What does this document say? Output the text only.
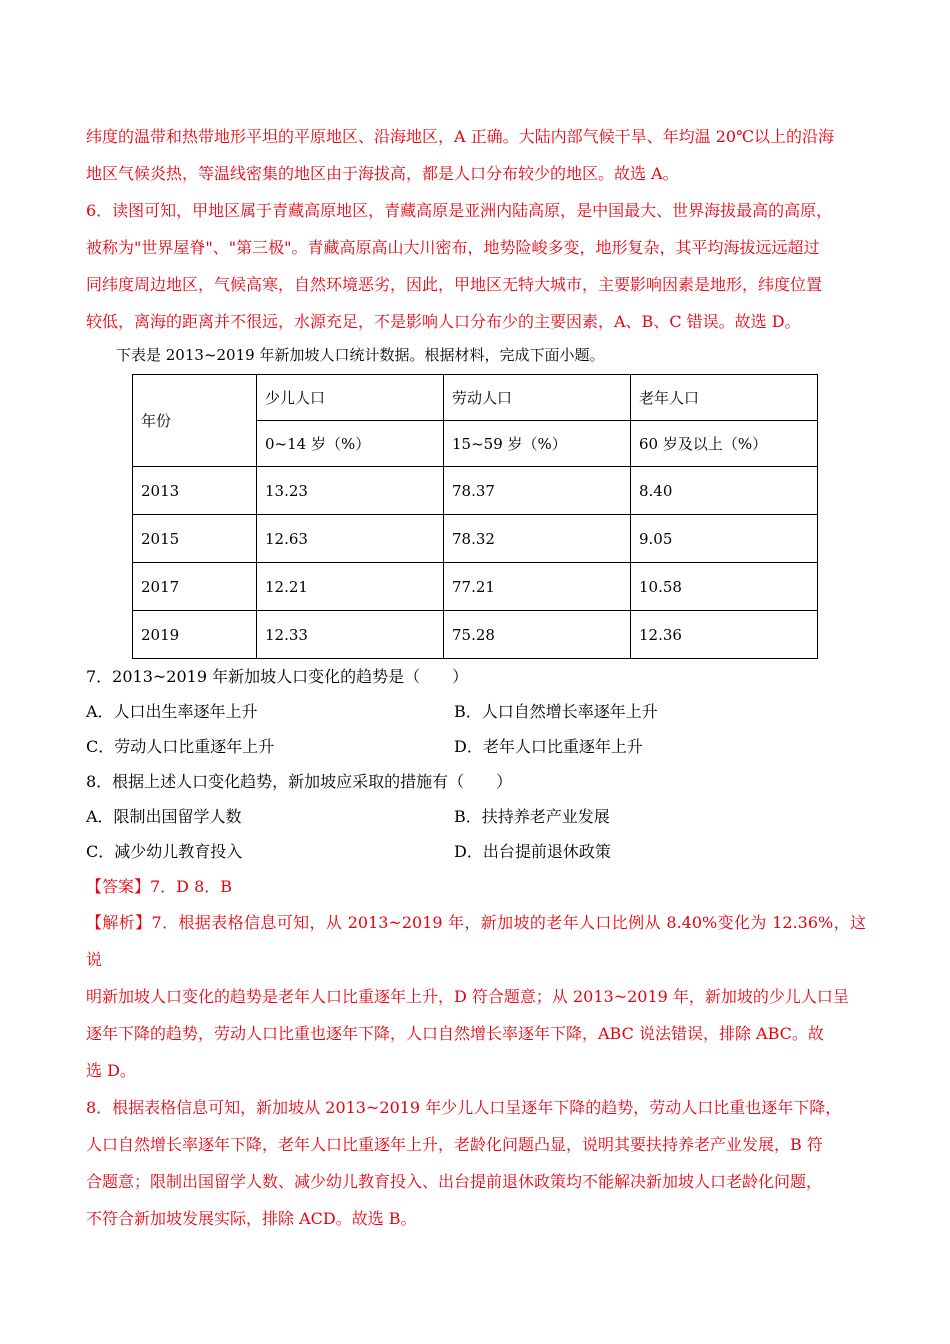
纬度的温带和热带地形平坦的平原地区、沿海地区，A 正确。大陆内部气候干旱、年均温 20℃以上的沿海

地区气候炎热，等温线密集的地区由于海拔高，都是人口分布较少的地区。故选 A。

6．读图可知，甲地区属于青藏高原地区，青藏高原是亚洲内陆高原，是中国最大、世界海拔最高的高原，

被称为"世界屋脊"、"第三极"。青藏高原高山大川密布，地势险峻多变，地形复杂，其平均海拔远远超过

同纬度周边地区，气候高寒，自然环境恶劣，因此，甲地区无特大城市，主要影响因素是地形，纬度位置

较低，离海的距离并不很远，水源充足，不是影响人口分布少的主要因素，A、B、C 错误。故选 D。

下表是 2013~2019 年新加坡人口统计数据。根据材料，完成下面小题。

年份	少儿人口	劳动人口	老年人口
	0~14 岁（%）	15~59 岁（%）	60 岁及以上（%）
2013	13.23	78.37	8.40
2015	12.63	78.32	9.05
2017	12.21	77.21	10.58
2019	12.33	75.28	12.36

7．2013~2019 年新加坡人口变化的趋势是（　　）

A．人口出生率逐年上升	B．人口自然增长率逐年上升
C．劳动人口比重逐年上升	D．老年人口比重逐年上升

8．根据上述人口变化趋势，新加坡应采取的措施有（　　）

A．限制出国留学人数	B．扶持养老产业发展
C．减少幼儿教育投入	D．出台提前退休政策

【答案】7．D 8．B

【解析】7．根据表格信息可知，从 2013~2019 年，新加坡的老年人口比例从 8.40%变化为 12.36%，这说

明新加坡人口变化的趋势是老年人口比重逐年上升，D 符合题意；从 2013~2019 年，新加坡的少儿人口呈

逐年下降的趋势，劳动人口比重也逐年下降，人口自然增长率逐年下降，ABC 说法错误，排除 ABC。故

选 D。

8．根据表格信息可知，新加坡从 2013~2019 年少儿人口呈逐年下降的趋势，劳动人口比重也逐年下降，

人口自然增长率逐年下降，老年人口比重逐年上升，老龄化问题凸显，说明其要扶持养老产业发展，B 符

合题意；限制出国留学人数、减少幼儿教育投入、出台提前退休政策均不能解决新加坡人口老龄化问题，

不符合新加坡发展实际，排除 ACD。故选 B。
